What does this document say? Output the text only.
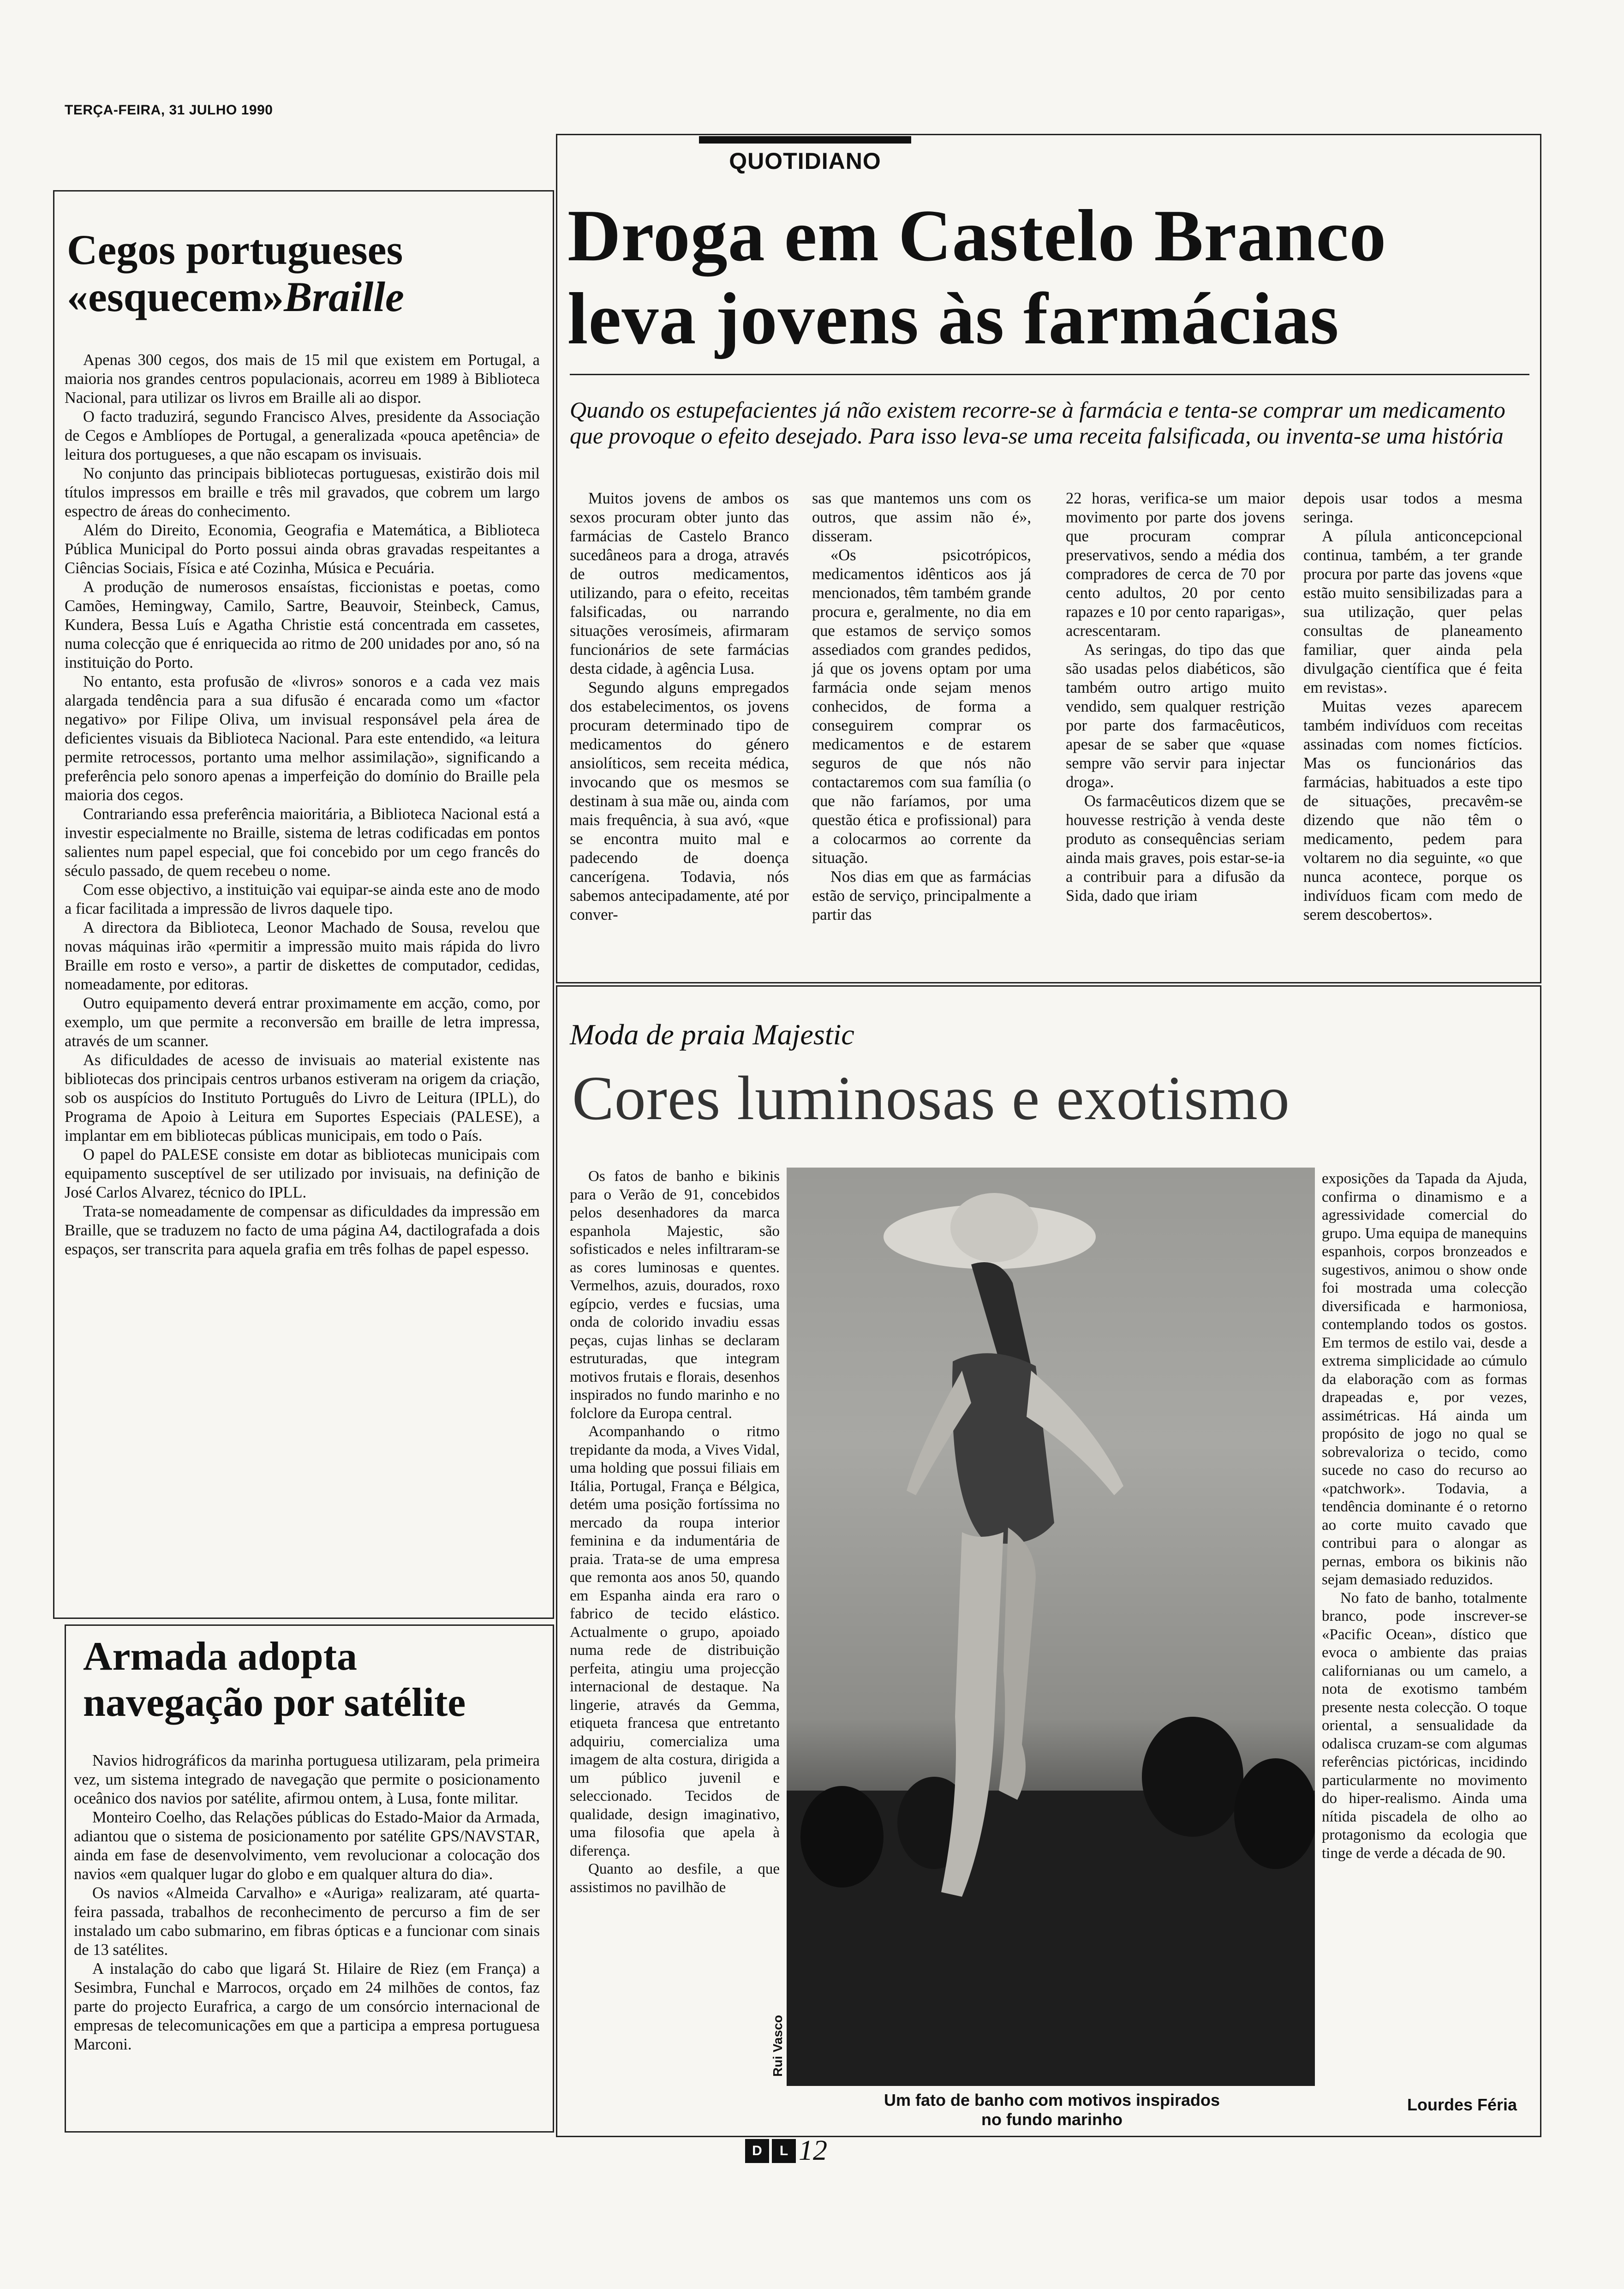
TERÇA-FEIRA, 31 JULHO 1990
Cegos portugueses
«esquecem»Braille

Apenas 300 cegos, dos mais de 15 mil que existem em Portugal, a maioria nos grandes centros populacionais, acorreu em 1989 à Biblioteca Nacional, para utilizar os livros em Braille ali ao dispor.

O facto traduzirá, segundo Francisco Alves, presidente da Associação de Cegos e Amblíopes de Portugal, a generalizada «pouca apetência» de leitura dos portugueses, a que não escapam os invisuais.

No conjunto das principais bibliotecas portuguesas, existirão dois mil títulos impressos em braille e três mil gravados, que cobrem um largo espectro de áreas do conhecimento.

Além do Direito, Economia, Geografia e Matemática, a Biblioteca Pública Municipal do Porto possui ainda obras gravadas respeitantes a Ciências Sociais, Física e até Cozinha, Música e Pecuária.

A produção de numerosos ensaístas, ficcionistas e poetas, como Camões, Hemingway, Camilo, Sartre, Beauvoir, Steinbeck, Camus, Kundera, Bessa Luís e Agatha Christie está concentrada em cassetes, numa colecção que é enriquecida ao ritmo de 200 unidades por ano, só na instituição do Porto.

No entanto, esta profusão de «livros» sonoros e a cada vez mais alargada tendência para a sua difusão é encarada como um «factor negativo» por Filipe Oliva, um invisual responsável pela área de deficientes visuais da Biblioteca Nacional. Para este entendido, «a leitura permite retrocessos, portanto uma melhor assimilação», significando a preferência pelo sonoro apenas a imperfeição do domínio do Braille pela maioria dos cegos.

Contrariando essa preferência maioritária, a Biblioteca Nacional está a investir especialmente no Braille, sistema de letras codificadas em pontos salientes num papel especial, que foi concebido por um cego francês do século passado, de quem recebeu o nome.

Com esse objectivo, a instituição vai equipar-se ainda este ano de modo a ficar facilitada a impressão de livros daquele tipo.

A directora da Biblioteca, Leonor Machado de Sousa, revelou que novas máquinas irão «permitir a impressão muito mais rápida do livro Braille em rosto e verso», a partir de diskettes de computador, cedidas, nomeadamente, por editoras.

Outro equipamento deverá entrar proximamente em acção, como, por exemplo, um que permite a reconversão em braille de letra impressa, através de um scanner.

As dificuldades de acesso de invisuais ao material existente nas bibliotecas dos principais centros urbanos estiveram na origem da criação, sob os auspícios do Instituto Português do Livro de Leitura (IPLL), do Programa de Apoio à Leitura em Suportes Especiais (PALESE), a implantar em em bibliotecas públicas municipais, em todo o País.

O papel do PALESE consiste em dotar as bibliotecas municipais com equipamento susceptível de ser utilizado por invisuais, na definição de José Carlos Alvarez, técnico do IPLL.

Trata-se nomeadamente de compensar as dificuldades da impressão em Braille, que se traduzem no facto de uma página A4, dactilografada a dois espaços, ser transcrita para aquela grafia em três folhas de papel espesso.

QUOTIDIANO
Droga em Castelo Branco
leva jovens às farmácias
Quando os estupefacientes já não existem recorre-se à farmácia e tenta-se comprar um medicamento que provoque o efeito desejado. Para isso leva-se uma receita falsificada, ou inventa-se uma história

Muitos jovens de ambos os sexos procuram obter junto das farmácias de Castelo Branco sucedâneos para a droga, através de outros medicamentos, utilizando, para o efeito, receitas falsificadas, ou narrando situações verosímeis, afirmaram funcionários de sete farmácias desta cidade, à agência Lusa.

Segundo alguns empregados dos estabelecimentos, os jovens procuram determinado tipo de medicamentos do género ansiolíticos, sem receita médica, invocando que os mesmos se destinam à sua mãe ou, ainda com mais frequência, à sua avó, «que se encontra muito mal e padecendo de doença cancerígena. Todavia, nós sabemos antecipadamente, até por conver-

sas que mantemos uns com os outros, que assim não é», disseram.

«Os psicotrópicos, medicamentos idênticos aos já mencionados, têm também grande procura e, geralmente, no dia em que estamos de serviço somos assediados com grandes pedidos, já que os jovens optam por uma farmácia onde sejam menos conhecidos, de forma a conseguirem comprar os medicamentos e de estarem seguros de que nós não contactaremos com sua família (o que não faríamos, por uma questão ética e profissional) para a colocarmos ao corrente da situação.

Nos dias em que as farmácias estão de serviço, principalmente a partir das

22 horas, verifica-se um maior movimento por parte dos jovens que procuram comprar preservativos, sendo a média dos compradores de cerca de 70 por cento adultos, 20 por cento rapazes e 10 por cento raparigas», acrescentaram.

As seringas, do tipo das que são usadas pelos diabéticos, são também outro artigo muito vendido, sem qualquer restrição por parte dos farmacêuticos, apesar de se saber que «quase sempre vão servir para injectar droga».

Os farmacêuticos dizem que se houvesse restrição à venda deste produto as consequências seriam ainda mais graves, pois estar-se-ia a contribuir para a difusão da Sida, dado que iriam

depois usar todos a mesma seringa.

A pílula anticoncepcional continua, também, a ter grande procura por parte das jovens «que estão muito sensibilizadas para a sua utilização, quer pelas consultas de planeamento familiar, quer ainda pela divulgação científica que é feita em revistas».

Muitas vezes aparecem também indivíduos com receitas assinadas com nomes fictícios. Mas os funcionários das farmácias, habituados a este tipo de situações, precavêm-se dizendo que não têm o medicamento, pedem para voltarem no dia seguinte, «o que nunca acontece, porque os indivíduos ficam com medo de serem descobertos».

Moda de praia Majestic
Cores luminosas e exotismo

Os fatos de banho e bikinis para o Verão de 91, concebidos pelos desenhadores da marca espanhola Majestic, são sofisticados e neles infiltraram-se as cores luminosas e quentes. Vermelhos, azuis, dourados, roxo egípcio, verdes e fucsias, uma onda de colorido invadiu essas peças, cujas linhas se declaram estruturadas, que integram motivos frutais e florais, desenhos inspirados no fundo marinho e no folclore da Europa central.

Acompanhando o ritmo trepidante da moda, a Vives Vidal, uma holding que possui filiais em Itália, Portugal, França e Bélgica, detém uma posição fortíssima no mercado da roupa interior feminina e da indumentária de praia. Trata-se de uma empresa que remonta aos anos 50, quando em Espanha ainda era raro o fabrico de tecido elástico. Actualmente o grupo, apoiado numa rede de distribuição perfeita, atingiu uma projecção internacional de destaque. Na lingerie, através da Gemma, etiqueta francesa que entretanto adquiriu, comercializa uma imagem de alta costura, dirigida a um público juvenil e seleccionado. Tecidos de qualidade, design imaginativo, uma filosofia que apela à diferença.

Quanto ao desfile, a que assistimos no pavilhão de

Rui Vasco
Um fato de banho com motivos inspirados
no fundo marinho

exposições da Tapada da Ajuda, confirma o dinamismo e a agressividade comercial do grupo. Uma equipa de manequins espanhois, corpos bronzeados e sugestivos, animou o show onde foi mostrada uma colecção diversificada e harmoniosa, contemplando todos os gostos. Em termos de estilo vai, desde a extrema simplicidade ao cúmulo da elaboração com as formas drapeadas e, por vezes, assimétricas. Há ainda um propósito de jogo no qual se sobrevaloriza o tecido, como sucede no caso do recurso ao «patchwork». Todavia, a tendência dominante é o retorno ao corte muito cavado que contribui para o alongar as pernas, embora os bikinis não sejam demasiado reduzidos.

No fato de banho, totalmente branco, pode inscrever-se «Pacific Ocean», dístico que evoca o ambiente das praias californianas ou um camelo, a nota de exotismo também presente nesta colecção. O toque oriental, a sensualidade da odalisca cruzam-se com algumas referências pictóricas, incidindo particularmente no movimento do hiper-realismo. Ainda uma nítida piscadela de olho ao protagonismo da ecologia que tinge de verde a década de 90.

Lourdes Féria
Armada adopta
navegação por satélite

Navios hidrográficos da marinha portuguesa utilizaram, pela primeira vez, um sistema integrado de navegação que permite o posicionamento oceânico dos navios por satélite, afirmou ontem, à Lusa, fonte militar.

Monteiro Coelho, das Relações públicas do Estado-Maior da Armada, adiantou que o sistema de posicionamento por satélite GPS/NAVSTAR, ainda em fase de desenvolvimento, vem revolucionar a colocação dos navios «em qualquer lugar do globo e em qualquer altura do dia».

Os navios «Almeida Carvalho» e «Auriga» realizaram, até quarta-feira passada, trabalhos de reconhecimento de percurso a fim de ser instalado um cabo submarino, em fibras ópticas e a funcionar com sinais de 13 satélites.

A instalação do cabo que ligará St. Hilaire de Riez (em França) a Sesimbra, Funchal e Marrocos, orçado em 24 milhões de contos, faz parte do projecto Eurafrica, a cargo de um consórcio internacional de empresas de telecomunicações em que a participa a empresa portuguesa Marconi.

D	L 12
